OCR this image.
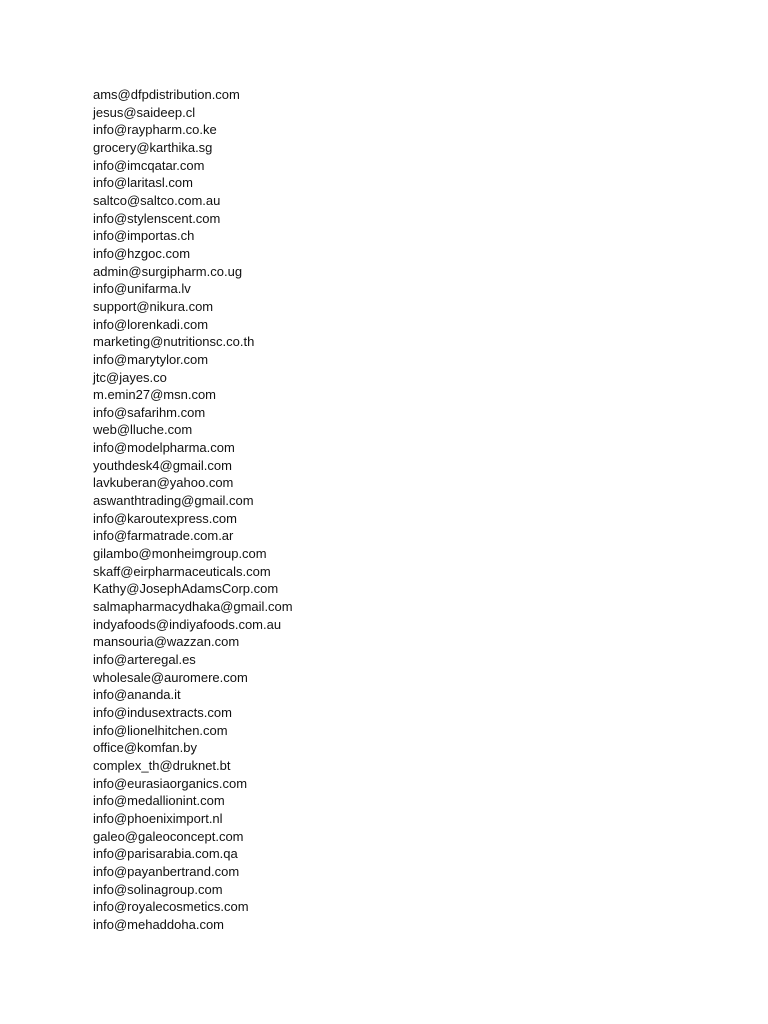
ams@dfpdistribution.com
jesus@saideep.cl
info@raypharm.co.ke
grocery@karthika.sg
info@imcqatar.com
info@laritasl.com
saltco@saltco.com.au
info@stylenscent.com
info@importas.ch
info@hzgoc.com
admin@surgipharm.co.ug
info@unifarma.lv
support@nikura.com
info@lorenkadi.com
marketing@nutritionsc.co.th
info@marytylor.com
jtc@jayes.co
m.emin27@msn.com
info@safarihm.com
web@lluche.com
info@modelpharma.com
youthdesk4@gmail.com
lavkuberan@yahoo.com
aswanthtrading@gmail.com
info@karoutexpress.com
info@farmatrade.com.ar
gilambo@monheimgroup.com
skaff@eirpharmaceuticals.com
Kathy@JosephAdamsCorp.com
salmapharmacydhaka@gmail.com
indyafoods@indiyafoods.com.au
mansouria@wazzan.com
info@arteregal.es
wholesale@auromere.com
info@ananda.it
info@indusextracts.com
info@lionelhitchen.com
office@komfan.by
complex_th@druknet.bt
info@eurasiaorganics.com
info@medallionint.com
info@phoeniximport.nl
galeo@galeoconcept.com
info@parisarabia.com.qa
info@payanbertrand.com
info@solinagroup.com
info@royalecosmetics.com
info@mehaddoha.com
